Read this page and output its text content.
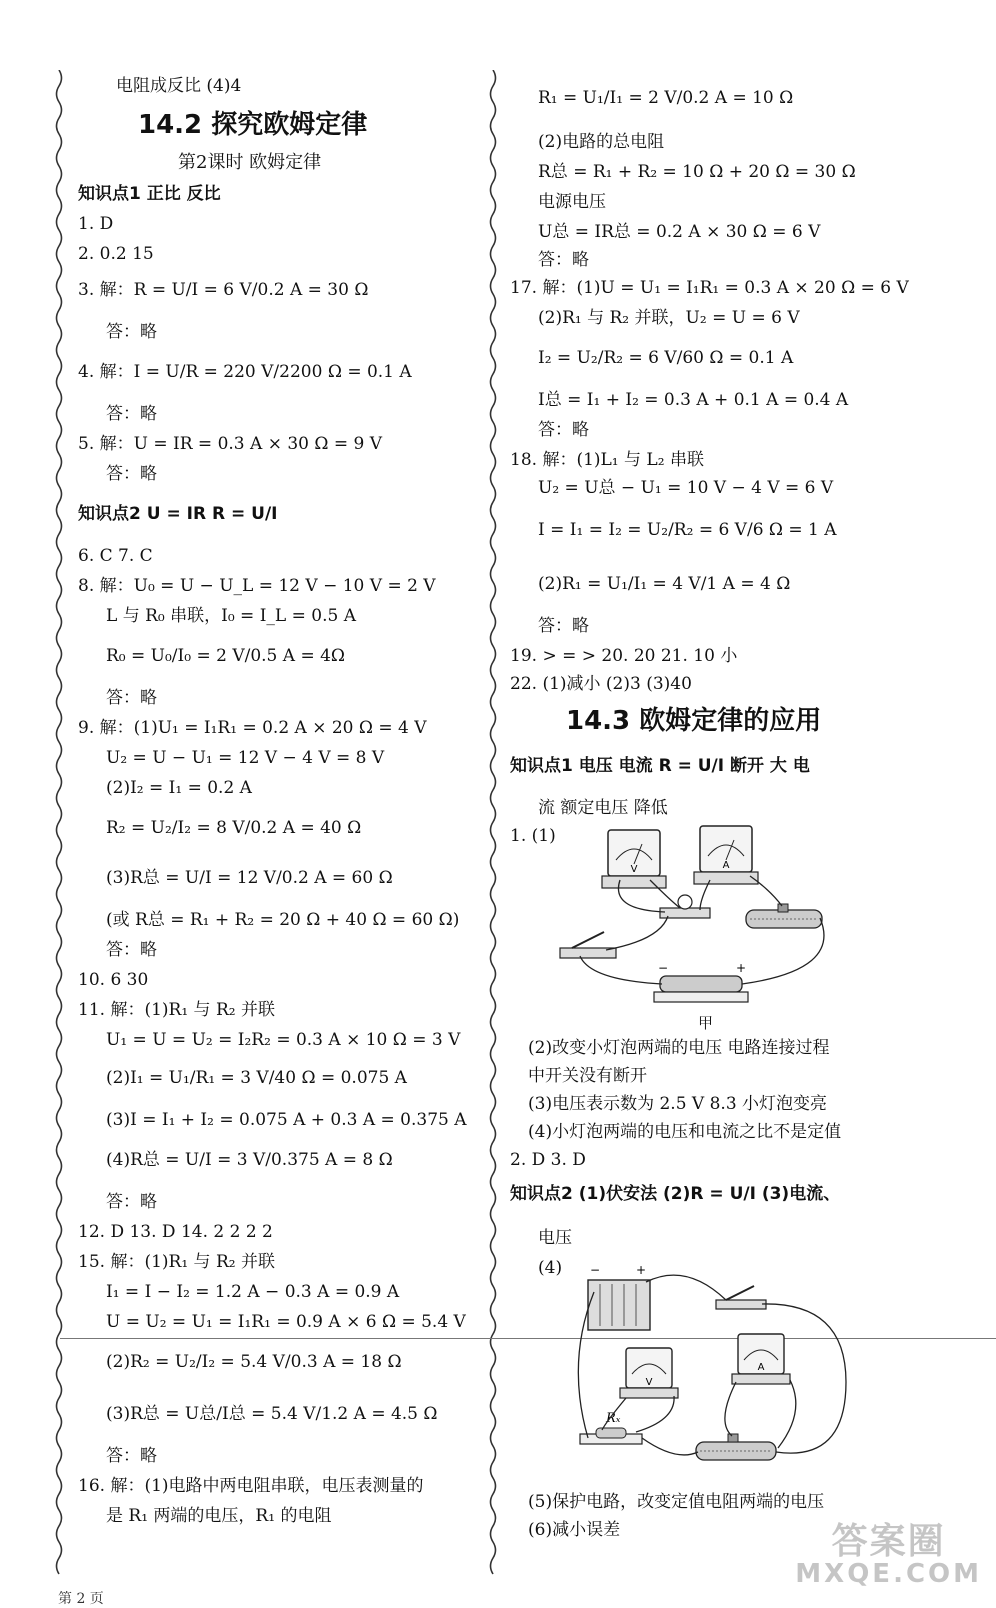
电阻成反比 (4)4
14.2 探究欧姆定律
第2课时 欧姆定律
知识点1 正比 反比
1. D
2. 0.2 15
3. 解：R = U/I = 6 V/0.2 A = 30 Ω
答：略
4. 解：I = U/R = 220 V/2200 Ω = 0.1 A
答：略
5. 解：U = IR = 0.3 A × 30 Ω = 9 V
答：略
知识点2 U = IR R = U/I
6. C 7. C
8. 解：U₀ = U − U_L = 12 V − 10 V = 2 V
L 与 R₀ 串联，I₀ = I_L = 0.5 A
R₀ = U₀/I₀ = 2 V/0.5 A = 4Ω
答：略
9. 解：(1)U₁ = I₁R₁ = 0.2 A × 20 Ω = 4 V
U₂ = U − U₁ = 12 V − 4 V = 8 V
(2)I₂ = I₁ = 0.2 A
R₂ = U₂/I₂ = 8 V/0.2 A = 40 Ω
(3)R总 = U/I = 12 V/0.2 A = 60 Ω
(或 R总 = R₁ + R₂ = 20 Ω + 40 Ω = 60 Ω)
答：略
10. 6 30
11. 解：(1)R₁ 与 R₂ 并联
U₁ = U = U₂ = I₂R₂ = 0.3 A × 10 Ω = 3 V
(2)I₁ = U₁/R₁ = 3 V/40 Ω = 0.075 A
(3)I = I₁ + I₂ = 0.075 A + 0.3 A = 0.375 A
(4)R总 = U/I = 3 V/0.375 A = 8 Ω
答：略
12. D 13. D 14. 2 2 2 2
15. 解：(1)R₁ 与 R₂ 并联
I₁ = I − I₂ = 1.2 A − 0.3 A = 0.9 A
U = U₂ = U₁ = I₁R₁ = 0.9 A × 6 Ω = 5.4 V
(2)R₂ = U₂/I₂ = 5.4 V/0.3 A = 18 Ω
(3)R总 = U总/I总 = 5.4 V/1.2 A = 4.5 Ω
答：略
16. 解：(1)电路中两电阻串联，电压表测量的
是 R₁ 两端的电压，R₁ 的电阻
R₁ = U₁/I₁ = 2 V/0.2 A = 10 Ω
(2)电路的总电阻
R总 = R₁ + R₂ = 10 Ω + 20 Ω = 30 Ω
电源电压
U总 = IR总 = 0.2 A × 30 Ω = 6 V
答：略
17. 解：(1)U = U₁ = I₁R₁ = 0.3 A × 20 Ω = 6 V
(2)R₁ 与 R₂ 并联，U₂ = U = 6 V
I₂ = U₂/R₂ = 6 V/60 Ω = 0.1 A
I总 = I₁ + I₂ = 0.3 A + 0.1 A = 0.4 A
答：略
18. 解：(1)L₁ 与 L₂ 串联
U₂ = U总 − U₁ = 10 V − 4 V = 6 V
I = I₁ = I₂ = U₂/R₂ = 6 V/6 Ω = 1 A
(2)R₁ = U₁/I₁ = 4 V/1 A = 4 Ω
答：略
19. > = > 20. 20 21. 10 小
22. (1)减小 (2)3 (3)40
14.3 欧姆定律的应用
知识点1 电压 电流 R = U/I 断开 大 电
流 额定电压 降低
1. (1)
甲
(2)改变小灯泡两端的电压 电路连接过程
中开关没有断开
(3)电压表示数为 2.5 V 8.3 小灯泡变亮
(4)小灯泡两端的电压和电流之比不是定值
2. D 3. D
知识点2 (1)伏安法 (2)R = U/I (3)电流、
电压
(4)
(5)保护电路，改变定值电阻两端的电压
(6)减小误差
V	A
−	+
−	+
V
A
Rₓ
第 2 页
答案圈
MXQE.COM
